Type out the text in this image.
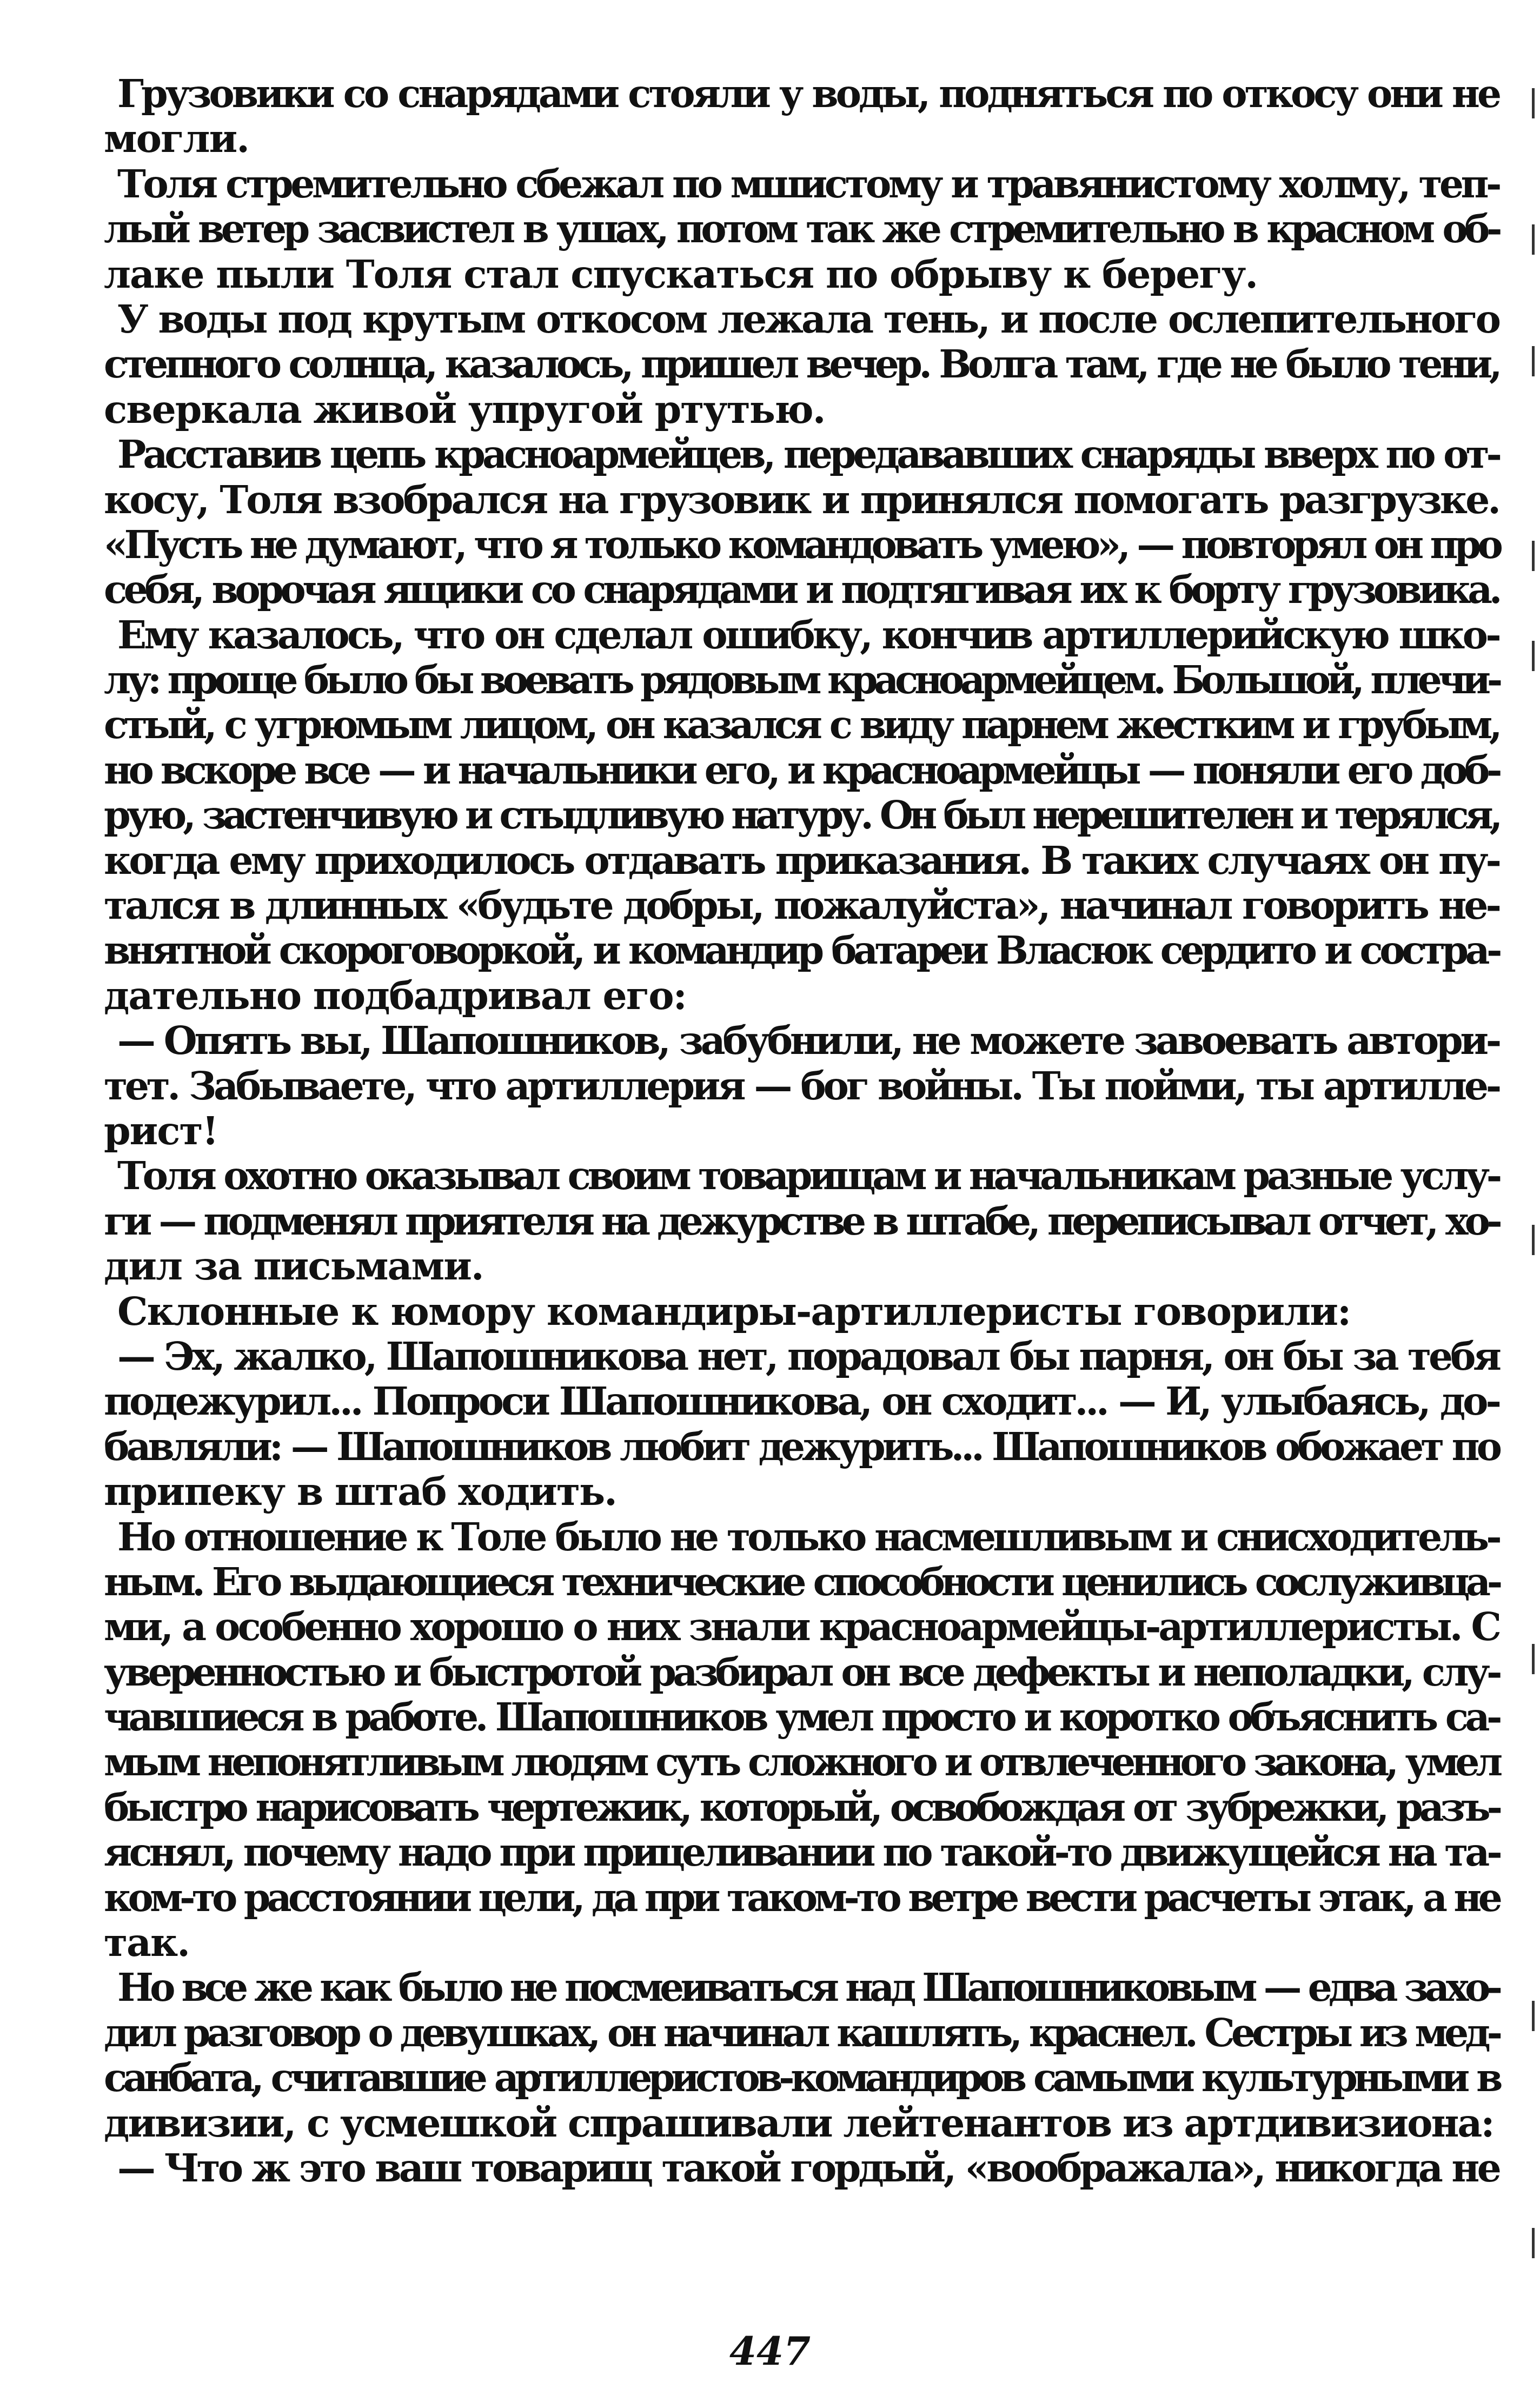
Грузовики со снарядами стояли у воды, подняться по откосу они не
могли.
Толя стремительно сбежал по мшистому и травянистому холму, теп-
лый ветер засвистел в ушах, потом так же стремительно в красном об-
лаке пыли Толя стал спускаться по обрыву к берегу.
У воды под крутым откосом лежала тень, и после ослепительного
степного солнца, казалось, пришел вечер. Волга там, где не было тени,
сверкала живой упругой ртутью.
Расставив цепь красноармейцев, передававших снаряды вверх по от-
косу, Толя взобрался на грузовик и принялся помогать разгрузке.
«Пусть не думают, что я только командовать умею», — повторял он про
себя, ворочая ящики со снарядами и подтягивая их к борту грузовика.
Ему казалось, что он сделал ошибку, кончив артиллерийскую шко-
лу: проще было бы воевать рядовым красноармейцем. Большой, плечи-
стый, с угрюмым лицом, он казался с виду парнем жестким и грубым,
но вскоре все — и начальники его, и красноармейцы — поняли его доб-
рую, застенчивую и стыдливую натуру. Он был нерешителен и терялся,
когда ему приходилось отдавать приказания. В таких случаях он пу-
тался в длинных «будьте добры, пожалуйста», начинал говорить не-
внятной скороговоркой, и командир батареи Власюк сердито и состра-
дательно подбадривал его:
— Опять вы, Шапошников, забубнили, не можете завоевать автори-
тет. Забываете, что артиллерия — бог войны. Ты пойми, ты артилле-
рист!
Толя охотно оказывал своим товарищам и начальникам разные услу-
ги — подменял приятеля на дежурстве в штабе, переписывал отчет, хо-
дил за письмами.
Склонные к юмору командиры-артиллеристы говорили:
— Эх, жалко, Шапошникова нет, порадовал бы парня, он бы за тебя
подежурил... Попроси Шапошникова, он сходит... — И, улыбаясь, до-
бавляли: — Шапошников любит дежурить... Шапошников обожает по
припеку в штаб ходить.
Но отношение к Толе было не только насмешливым и снисходитель-
ным. Его выдающиеся технические способности ценились сослуживца-
ми, а особенно хорошо о них знали красноармейцы-артиллеристы. С
уверенностью и быстротой разбирал он все дефекты и неполадки, слу-
чавшиеся в работе. Шапошников умел просто и коротко объяснить са-
мым непонятливым людям суть сложного и отвлеченного закона, умел
быстро нарисовать чертежик, который, освобождая от зубрежки, разъ-
яснял, почему надо при прицеливании по такой-то движущейся на та-
ком-то расстоянии цели, да при таком-то ветре вести расчеты этак, а не
так.
Но все же как было не посмеиваться над Шапошниковым — едва захо-
дил разговор о девушках, он начинал кашлять, краснел. Сестры из мед-
санбата, считавшие артиллеристов-командиров самыми культурными в
дивизии, с усмешкой спрашивали лейтенантов из артдивизиона:
— Что ж это ваш товарищ такой гордый, «воображала», никогда не
447
